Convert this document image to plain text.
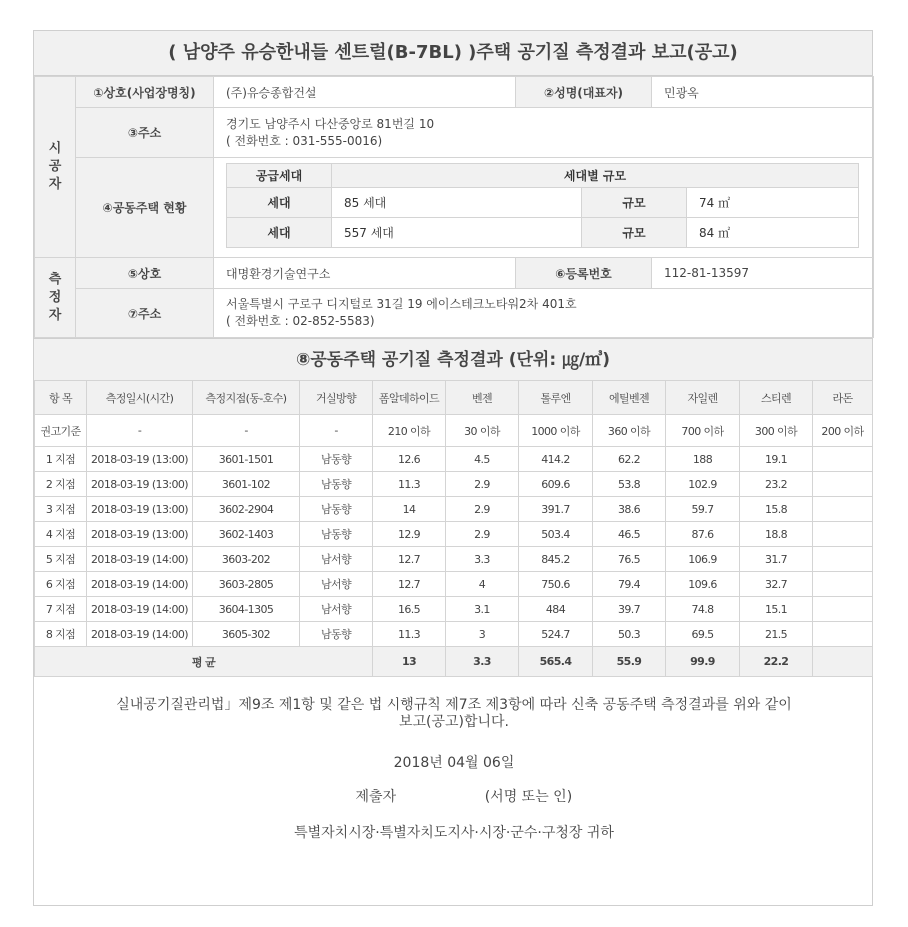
( 남양주 유승한내들 센트럴(B-7BL) )주택 공기질 측정결과 보고(공고)
시
공
자
	①상호(사업장명칭)	(주)유승종합건설	②성명(대표자)	민광옥
③주소	
경기도 남양주시 다산중앙로 81번길 10
( 전화번호 : 031-555-0016)

④공동주택 현황	
공급세대	세대별 규모
세대	85 세대	규모	74 ㎡
세대	557 세대	규모	84 ㎡

측
정
자
	⑤상호	대명환경기술연구소	⑥등록번호	112-81-13597
⑦주소	
서울특별시 구로구 디지털로 31길 19 에이스테크노타워2차 401호
( 전화번호 : 02-852-5583)
⑧공동주택 공기질 측정결과 (단위: ㎍/㎥)
항 목	측정일시(시간)	측정지점(동-호수)	거실방향	폼알데하이드	벤젠	톨루엔	에틸벤젠	자일렌	스티렌	라돈
권고기준	-	-	-	210 이하	30 이하	1000 이하	360 이하	700 이하	300 이하	200 이하
1 지점	2018-03-19 (13:00)	3601-1501	남동향	12.6	4.5	414.2	62.2	188	19.1	
2 지점	2018-03-19 (13:00)	3601-102	남동향	11.3	2.9	609.6	53.8	102.9	23.2	
3 지점	2018-03-19 (13:00)	3602-2904	남동향	14	2.9	391.7	38.6	59.7	15.8	
4 지점	2018-03-19 (13:00)	3602-1403	남동향	12.9	2.9	503.4	46.5	87.6	18.8	
5 지점	2018-03-19 (14:00)	3603-202	남서향	12.7	3.3	845.2	76.5	106.9	31.7	
6 지점	2018-03-19 (14:00)	3603-2805	남서향	12.7	4	750.6	79.4	109.6	32.7	
7 지점	2018-03-19 (14:00)	3604-1305	남서향	16.5	3.1	484	39.7	74.8	15.1	
8 지점	2018-03-19 (14:00)	3605-302	남동향	11.3	3	524.7	50.3	69.5	21.5	
평 균				13	3.3	565.4	55.9	99.9	22.2	
실내공기질관리법」제9조 제1항 및 같은 법 시행규칙 제7조 제3항에 따라 신축 공동주택 측정결과를 위와 같이
보고(공고)합니다.
2018년 04월 06일
제출자	(서명 또는 인)
특별자치시장·특별자치도지사·시장·군수·구청장 귀하
